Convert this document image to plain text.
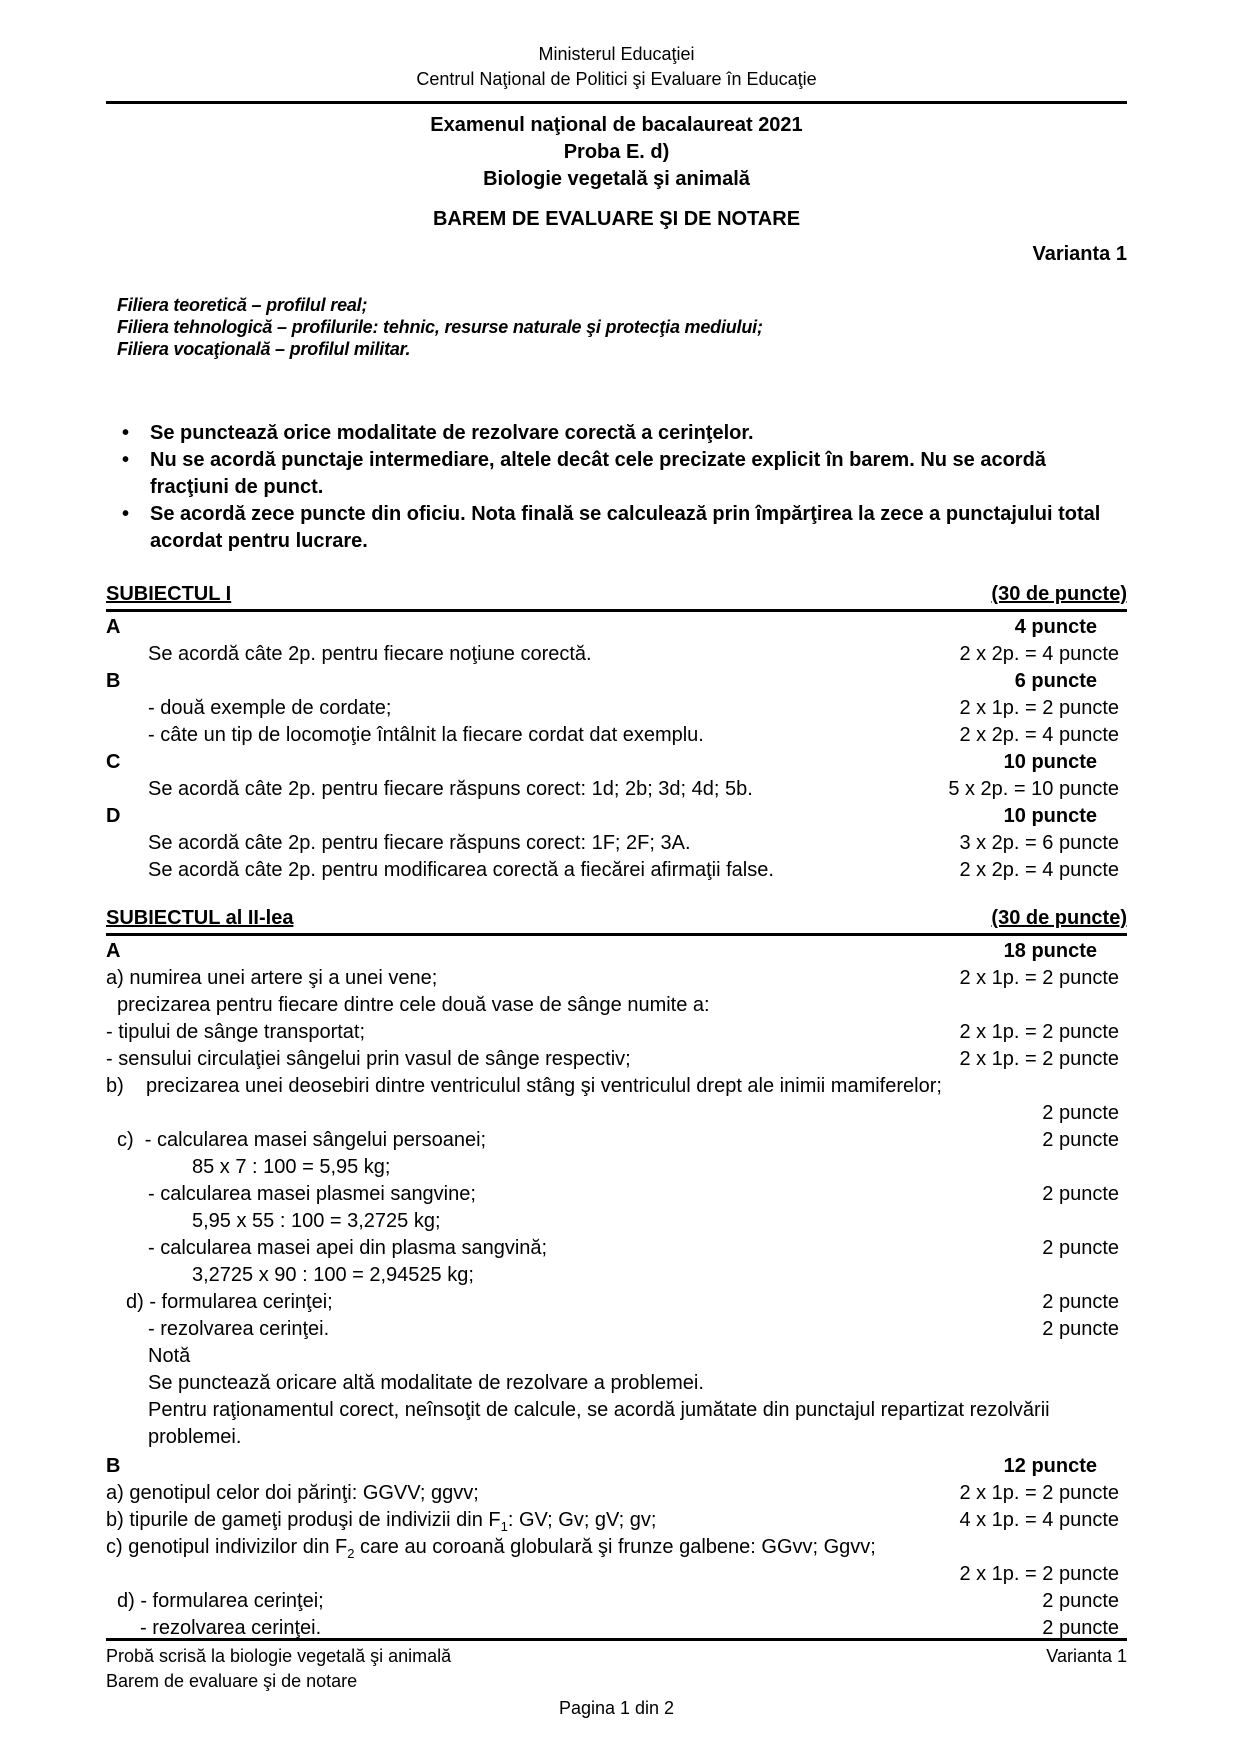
Ministerul Educaţiei
Centrul Naţional de Politici şi Evaluare în Educaţie
Examenul naţional de bacalaureat 2021
Proba E. d)
Biologie vegetală şi animală
BAREM DE EVALUARE ŞI DE NOTARE
Varianta 1
Filiera teoretică – profilul real;
Filiera tehnologică – profilurile: tehnic, resurse naturale şi protecţia mediului;
Filiera vocaţională – profilul militar.
•	Se punctează orice modalitate de rezolvare corectă a cerinţelor.
•	Nu se acordă punctaje intermediare, altele decât cele precizate explicit în barem. Nu se acordă fracţiuni de punct.
•	Se acordă zece puncte din oficiu. Nota finală se calculează prin împărţirea la zece a punctajului total acordat pentru lucrare.
SUBIECTUL I	(30 de puncte)
A	4 puncte
Se acordă câte 2p. pentru fiecare noţiune corectă.	2 x 2p. = 4 puncte
B	6 puncte
- două exemple de cordate;	2 x 1p. = 2 puncte
- câte un tip de locomoţie întâlnit la fiecare cordat dat exemplu.	2 x 2p. = 4 puncte
C	10 puncte
Se acordă câte 2p. pentru fiecare răspuns corect: 1d; 2b; 3d; 4d; 5b.	5 x 2p. = 10 puncte
D	10 puncte
Se acordă câte 2p. pentru fiecare răspuns corect: 1F; 2F; 3A.	3 x 2p. = 6 puncte
Se acordă câte 2p. pentru modificarea corectă a fiecărei afirmaţii false.	2 x 2p. = 4 puncte
SUBIECTUL al II-lea	(30 de puncte)
A	18 puncte
a) numirea unei artere şi a unei vene;	2 x 1p. = 2 puncte
precizarea pentru fiecare dintre cele două vase de sânge numite a:
- tipului de sânge transportat;	2 x 1p. = 2 puncte
- sensului circulaţiei sângelui prin vasul de sânge respectiv;	2 x 1p. = 2 puncte
b)    precizarea unei deosebiri dintre ventriculul stâng şi ventriculul drept ale inimii mamiferelor;
2 puncte
c)  - calcularea masei sângelui persoanei;	2 puncte
85 x 7 : 100 = 5,95 kg;
- calcularea masei plasmei sangvine;	2 puncte
5,95 x 55 : 100 = 3,2725 kg;
- calcularea masei apei din plasma sangvină;	2 puncte
3,2725 x 90 : 100 = 2,94525 kg;
d) - formularea cerinţei;	2 puncte
- rezolvarea cerinţei.	2 puncte
Notă
Se punctează oricare altă modalitate de rezolvare a problemei.
Pentru raţionamentul corect, neînsoţit de calcule, se acordă jumătate din punctajul repartizat rezolvării problemei.
B	12 puncte
a) genotipul celor doi părinţi: GGVV; ggvv;	2 x 1p. = 2 puncte
b) tipurile de gameţi produşi de indivizii din $F_1$: GV; Gv; gV; gv;	4 x 1p. = 4 puncte
c) genotipul indivizilor din $F_2$ care au coroană globulară şi frunze galbene: GGvv; Ggvv;
2 x 1p. = 2 puncte
d) - formularea cerinţei;	2 puncte
- rezolvarea cerinţei.	2 puncte
Probă scrisă la biologie vegetală şi animală	Varianta 1
Barem de evaluare şi de notare
Pagina 1 din 2
